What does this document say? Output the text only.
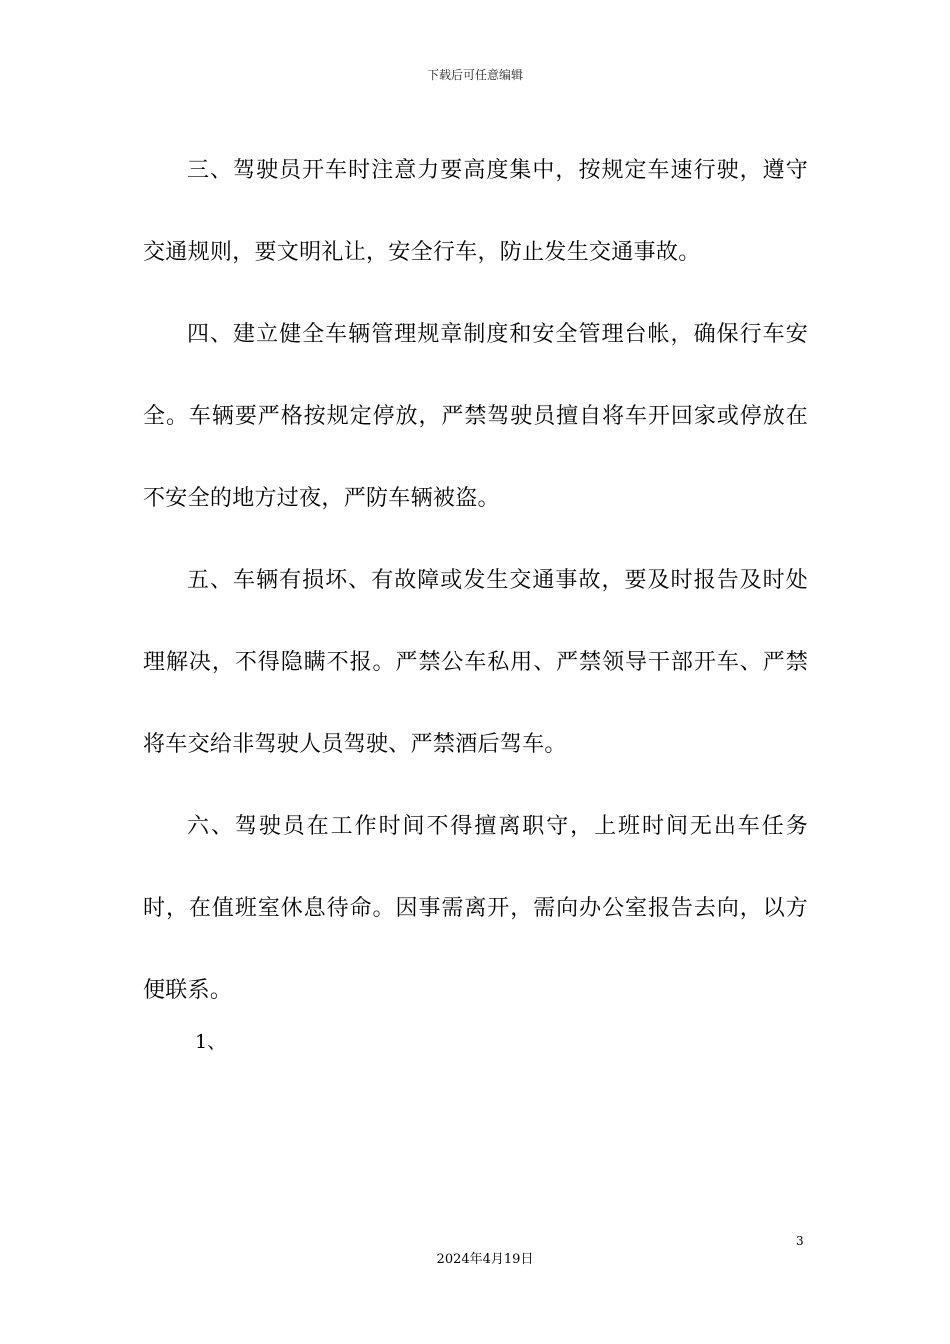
下载后可任意编辑

三、驾驶员开车时注意力要高度集中，按规定车速行驶，遵守交通规则，要文明礼让，安全行车，防止发生交通事故。

四、建立健全车辆管理规章制度和安全管理台帐，确保行车安全。车辆要严格按规定停放，严禁驾驶员擅自将车开回家或停放在不安全的地方过夜，严防车辆被盗。

五、车辆有损坏、有故障或发生交通事故，要及时报告及时处理解决，不得隐瞒不报。严禁公车私用、严禁领导干部开车、严禁将车交给非驾驶人员驾驶、严禁酒后驾车。

六、驾驶员在工作时间不得擅离职守，上班时间无出车任务时，在值班室休息待命。因事需离开，需向办公室报告去向，以方便联系。

1、
3
2024年4月19日
